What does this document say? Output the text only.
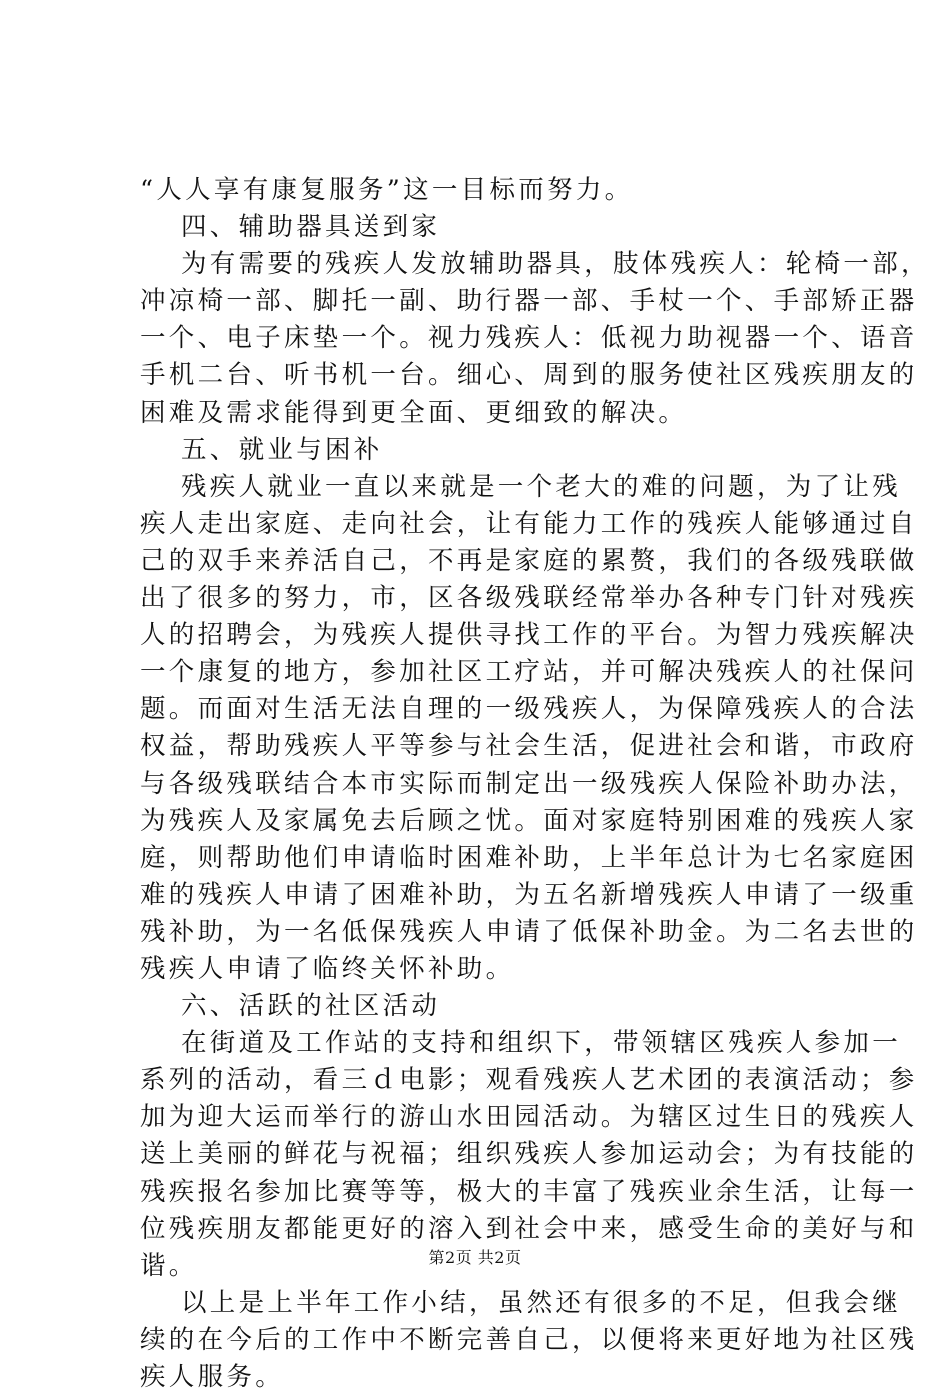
“人人享有康复服务”这一目标而努力。
四、辅助器具送到家
为有需要的残疾人发放辅助器具，肢体残疾人：轮椅一部，
冲凉椅一部、脚托一副、助行器一部、手杖一个、手部矫正器
一个、电子床垫一个。视力残疾人：低视力助视器一个、语音
手机二台、听书机一台。细心、周到的服务使社区残疾朋友的
困难及需求能得到更全面、更细致的解决。
五、就业与困补
残疾人就业一直以来就是一个老大的难的问题，为了让残
疾人走出家庭、走向社会，让有能力工作的残疾人能够通过自
己的双手来养活自己，不再是家庭的累赘，我们的各级残联做
出了很多的努力，市，区各级残联经常举办各种专门针对残疾
人的招聘会，为残疾人提供寻找工作的平台。为智力残疾解决
一个康复的地方，参加社区工疗站，并可解决残疾人的社保问
题。而面对生活无法自理的一级残疾人，为保障残疾人的合法
权益，帮助残疾人平等参与社会生活，促进社会和谐，市政府
与各级残联结合本市实际而制定出一级残疾人保险补助办法，
为残疾人及家属免去后顾之忧。面对家庭特别困难的残疾人家
庭，则帮助他们申请临时困难补助，上半年总计为七名家庭困
难的残疾人申请了困难补助，为五名新增残疾人申请了一级重
残补助，为一名低保残疾人申请了低保补助金。为二名去世的
残疾人申请了临终关怀补助。
六、活跃的社区活动
在街道及工作站的支持和组织下，带领辖区残疾人参加一
系列的活动，看三ｄ电影；观看残疾人艺术团的表演活动；参
加为迎大运而举行的游山水田园活动。为辖区过生日的残疾人
送上美丽的鲜花与祝福；组织残疾人参加运动会；为有技能的
残疾报名参加比赛等等，极大的丰富了残疾业余生活，让每一
位残疾朋友都能更好的溶入到社会中来，感受生命的美好与和
谐。
以上是上半年工作小结，虽然还有很多的不足，但我会继
续的在今后的工作中不断完善自己，以便将来更好地为社区残
疾人服务。
第2页 共2页
